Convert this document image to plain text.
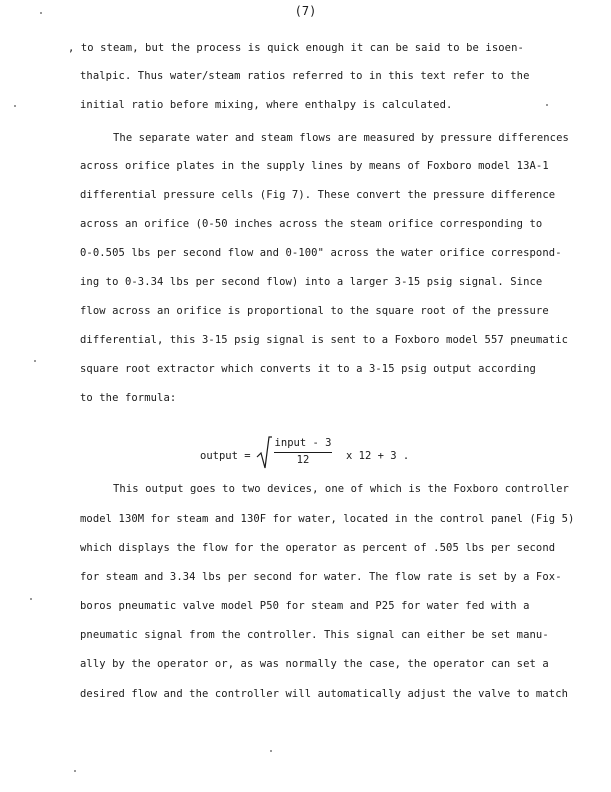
(7)
, to steam, but the process is quick enough it can be said to be isoen-
thalpic. Thus water/steam ratios referred to in this text refer to the
initial ratio before mixing, where enthalpy is calculated.
The separate water and steam flows are measured by pressure differences
across orifice plates in the supply lines by means of Foxboro model 13A-1
differential pressure cells (Fig 7). These convert the pressure difference
across an orifice (0-50 inches across the steam orifice corresponding to
0-0.505 lbs per second flow and 0-100" across the water orifice correspond-
ing to 0-3.34 lbs per second flow) into a larger 3-15 psig signal. Since
flow across an orifice is proportional to the square root of the pressure
differential, this 3-15 psig signal is sent to a Foxboro model 557 pneumatic
square root extractor which converts it to a 3-15 psig output according
to the formula:
output =
input - 3
12	x 12 + 3 .
This output goes to two devices, one of which is the Foxboro controller
model 130M for steam and 130F for water, located in the control panel (Fig 5)
which displays the flow for the operator as percent of .505 lbs per second
for steam and 3.34 lbs per second for water. The flow rate is set by a Fox-
boros pneumatic valve model P50 for steam and P25 for water fed with a
pneumatic signal from the controller. This signal can either be set manu-
ally by the operator or, as was normally the case, the operator can set a
desired flow and the controller will automatically adjust the valve to match
